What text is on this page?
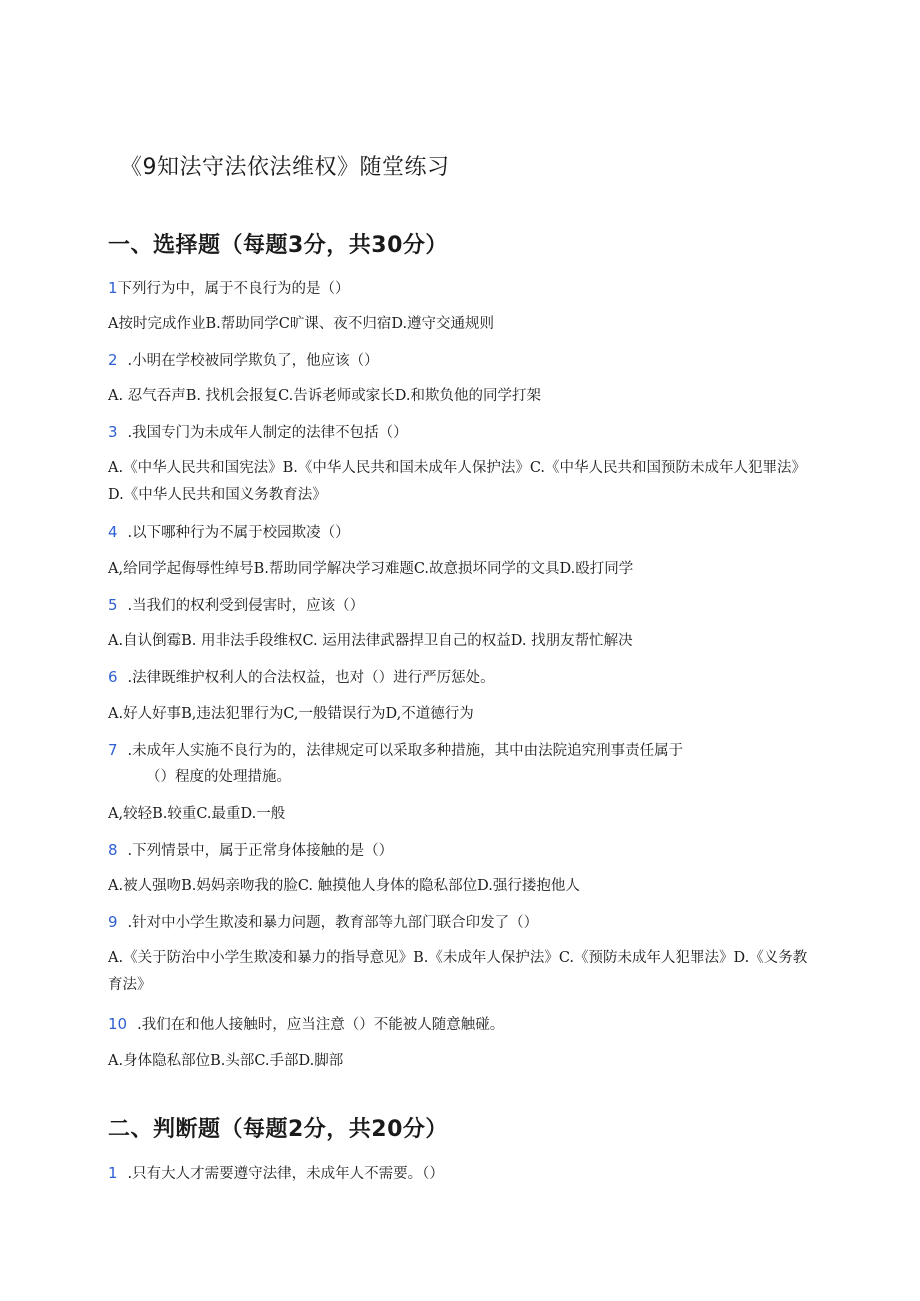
《9知法守法依法维权》随堂练习
一、选择题（每题3分，共30分）
1下列行为中，属于不良行为的是（）
A按时完成作业B.帮助同学C旷课、夜不归宿D.遵守交通规则
2 .小明在学校被同学欺负了，他应该（）
A. 忍气吞声B. 找机会报复C.告诉老师或家长D.和欺负他的同学打架
3 .我国专门为未成年人制定的法律不包括（）
A.《中华人民共和国宪法》B.《中华人民共和国未成年人保护法》C.《中华人民共和国预防未成年人犯罪法》D.《中华人民共和国义务教育法》
4 .以下哪种行为不属于校园欺凌（）
A,给同学起侮辱性绰号B.帮助同学解决学习难题C.故意损坏同学的文具D.殴打同学
5 .当我们的权利受到侵害时，应该（）
A.自认倒霉B. 用非法手段维权C. 运用法律武器捍卫自己的权益D. 找朋友帮忙解决
6 .法律既维护权利人的合法权益，也对（）进行严厉惩处。
A.好人好事B,违法犯罪行为C,一般错误行为D,不道德行为
7 .未成年人实施不良行为的，法律规定可以采取多种措施，其中由法院追究刑事责任属于
（）程度的处理措施。
A,较轻B.较重C.最重D.一般
8 .下列情景中，属于正常身体接触的是（）
A.被人强吻B.妈妈亲吻我的脸C. 触摸他人身体的隐私部位D.强行搂抱他人
9 .针对中小学生欺凌和暴力问题，教育部等九部门联合印发了（）
A.《关于防治中小学生欺凌和暴力的指导意见》B.《未成年人保护法》C.《预防未成年人犯罪法》D.《义务教育法》
10 .我们在和他人接触时，应当注意（）不能被人随意触碰。
A.身体隐私部位B.头部C.手部D.脚部
二、判断题（每题2分，共20分）
1 .只有大人才需要遵守法律，未成年人不需要。（）
